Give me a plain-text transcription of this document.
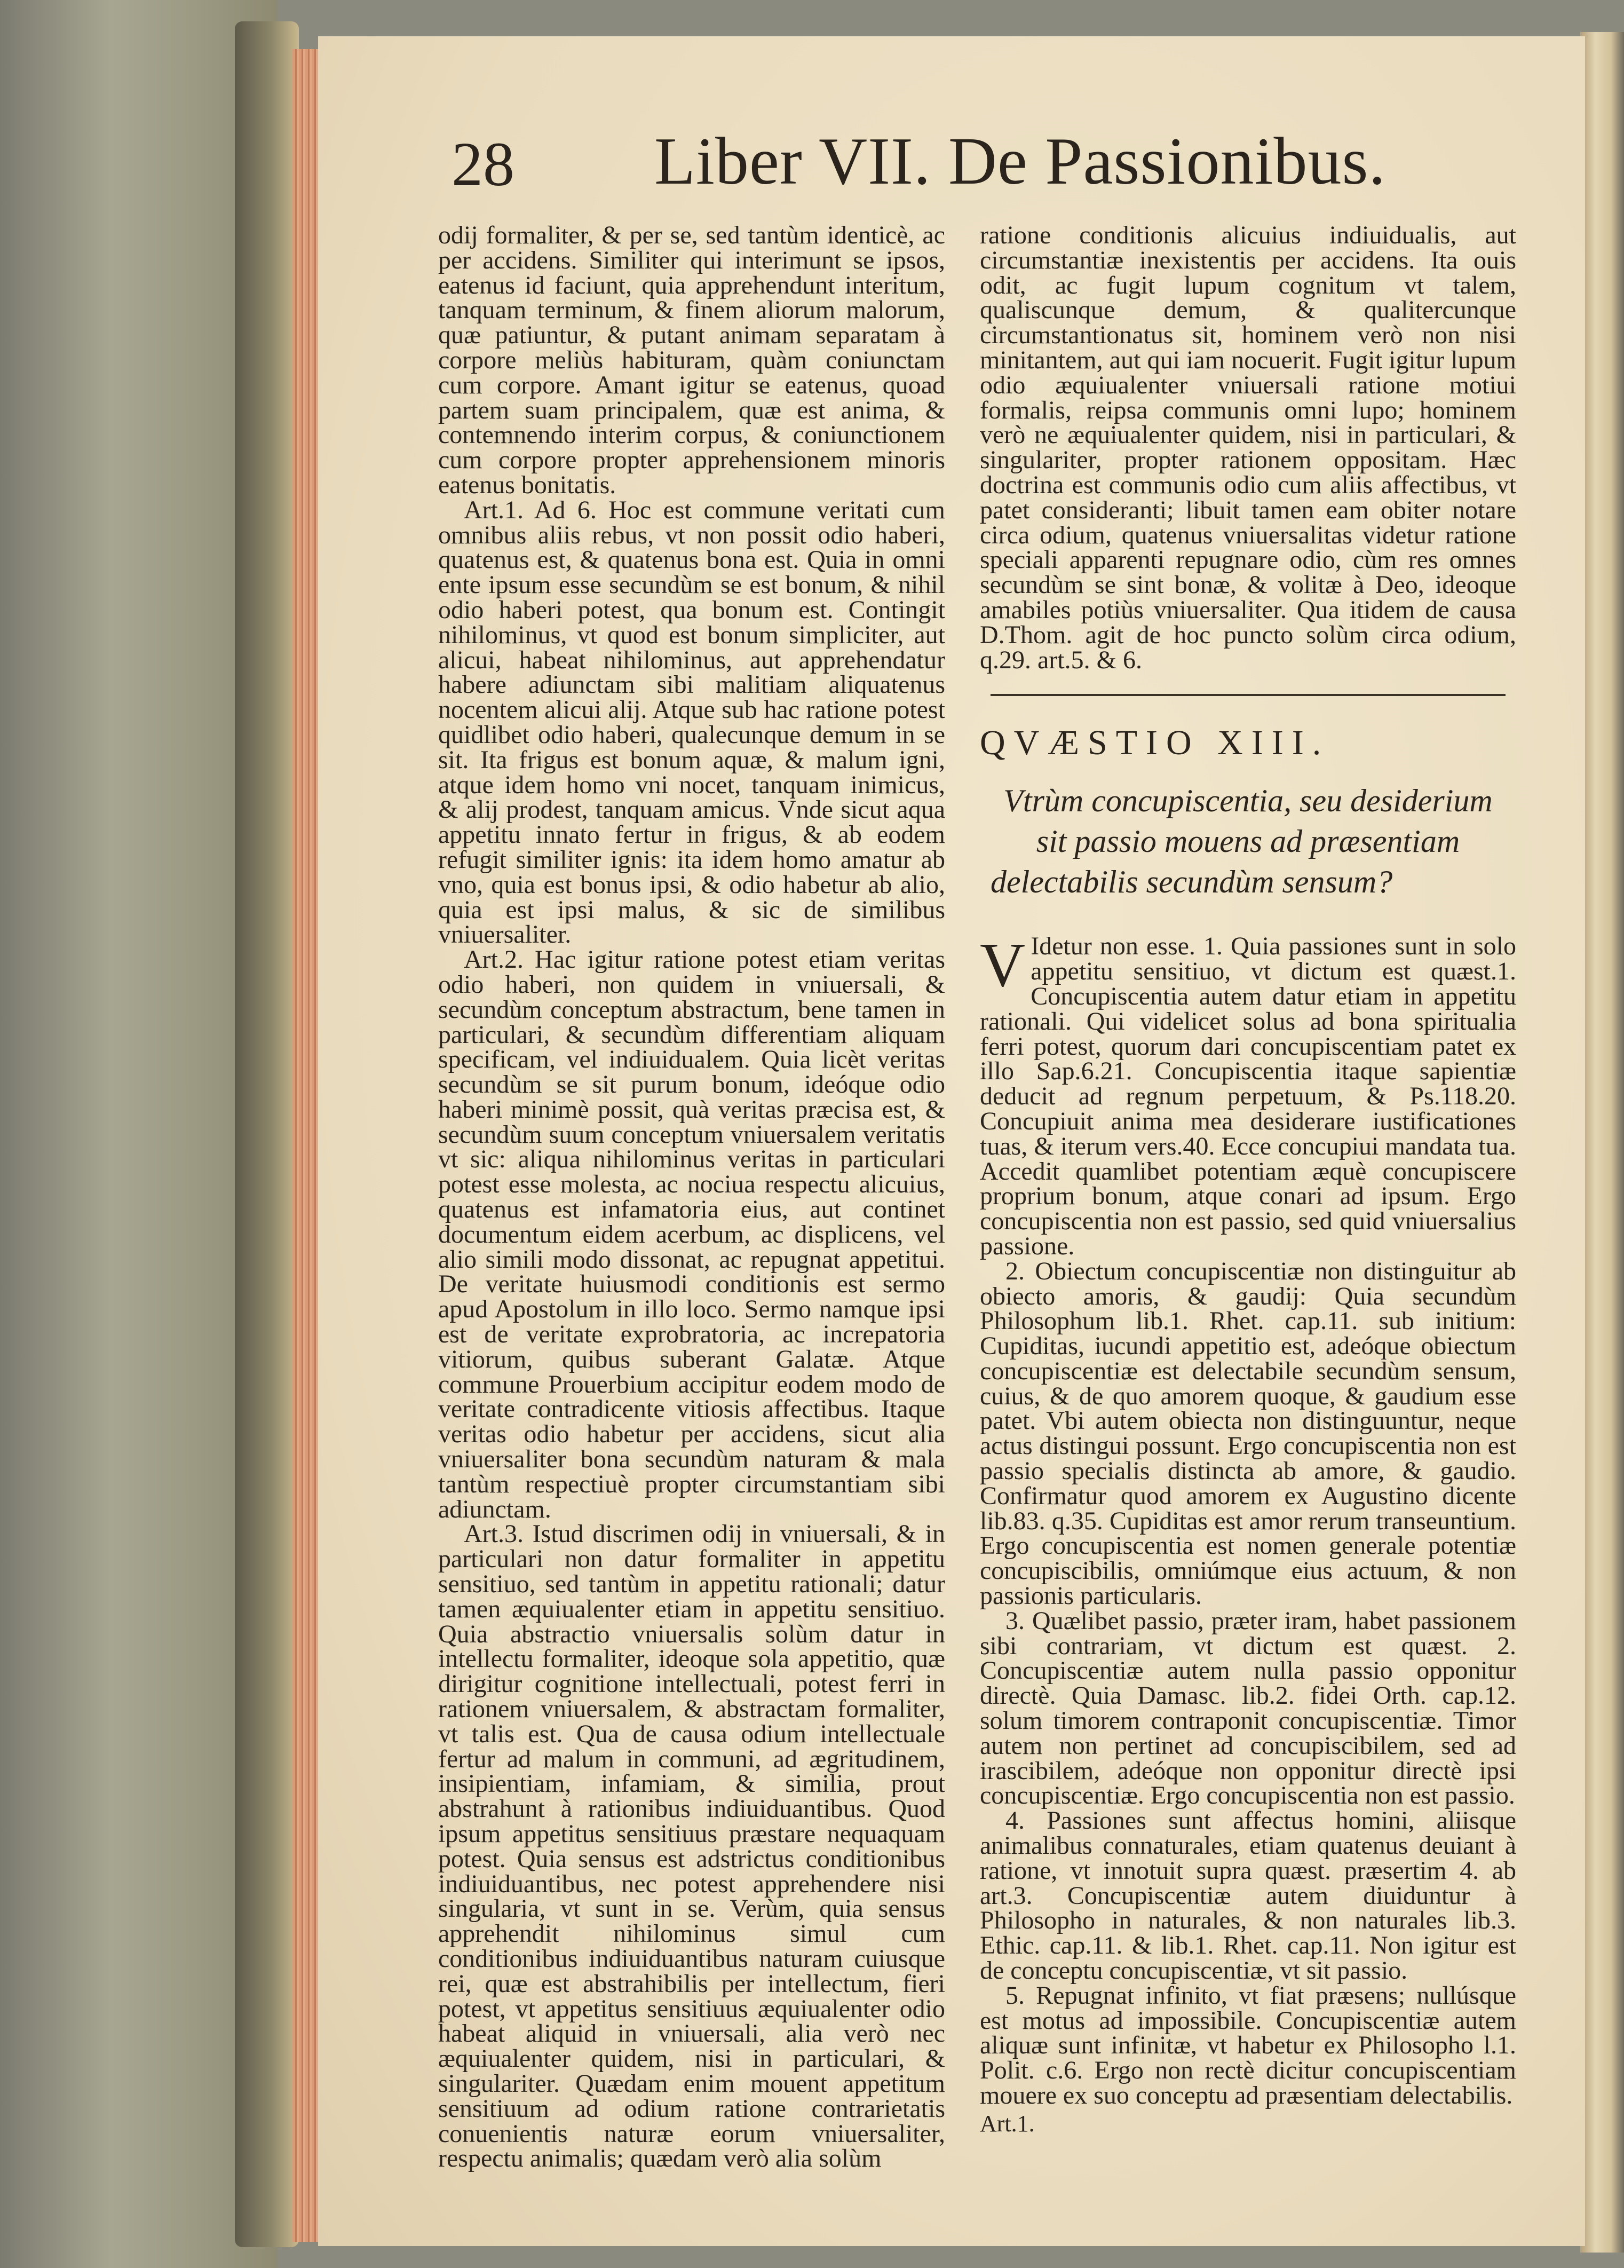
28 Liber VII. De Passionibus.

odij formaliter, & per se, sed tantùm identicè, ac per accidens. Similiter qui interimunt se ipsos, eatenus id faciunt, quia apprehendunt interitum, tanquam terminum, & finem aliorum malorum, quæ patiuntur, & putant animam separatam à corpore meliùs habituram, quàm coniunctam cum corpore. Amant igitur se eatenus, quoad partem suam principalem, quæ est anima, & contemnendo interim corpus, & coniunctionem cum corpore propter apprehensionem minoris eatenus bonitatis.

Art.1. Ad 6. Hoc est commune veritati cum omnibus aliis rebus, vt non possit odio haberi, quatenus est, & quatenus bona est. Quia in omni ente ipsum esse secundùm se est bonum, & nihil odio haberi potest, qua bonum est. Contingit nihilominus, vt quod est bonum simpliciter, aut alicui, habeat nihilominus, aut apprehendatur habere adiunctam sibi malitiam aliquatenus nocentem alicui alij. Atque sub hac ratione potest quidlibet odio haberi, qualecunque demum in se sit. Ita frigus est bonum aquæ, & malum igni, atque idem homo vni nocet, tanquam inimicus, & alij prodest, tanquam amicus. Vnde sicut aqua appetitu innato fertur in frigus, & ab eodem refugit similiter ignis: ita idem homo amatur ab vno, quia est bonus ipsi, & odio habetur ab alio, quia est ipsi malus, & sic de similibus vniuersaliter.

Art.2. Hac igitur ratione potest etiam veritas odio haberi, non quidem in vniuersali, & secundùm conceptum abstractum, bene tamen in particulari, & secundùm differentiam aliquam specificam, vel indiuidualem. Quia licèt veritas secundùm se sit purum bonum, ideóque odio haberi minimè possit, quà veritas præcisa est, & secundùm suum conceptum vniuersalem veritatis vt sic: aliqua nihilominus veritas in particulari potest esse molesta, ac nociua respectu alicuius, quatenus est infamatoria eius, aut continet documentum eidem acerbum, ac displicens, vel alio simili modo dissonat, ac repugnat appetitui. De veritate huiusmodi conditionis est sermo apud Apostolum in illo loco. Sermo namque ipsi est de veritate exprobratoria, ac increpatoria vitiorum, quibus suberant Galatæ. Atque commune Prouerbium accipitur eodem modo de veritate contradicente vitiosis affectibus. Itaque veritas odio habetur per accidens, sicut alia vniuersaliter bona secundùm naturam & mala tantùm respectiuè propter circumstantiam sibi adiunctam.

Art.3. Istud discrimen odij in vniuersali, & in particulari non datur formaliter in appetitu sensitiuo, sed tantùm in appetitu rationali; datur tamen æquiualenter etiam in appetitu sensitiuo. Quia abstractio vniuersalis solùm datur in intellectu formaliter, ideoque sola appetitio, quæ dirigitur cognitione intellectuali, potest ferri in rationem vniuersalem, & abstractam formaliter, vt talis est. Qua de causa odium intellectuale fertur ad malum in communi, ad ægritudinem, insipientiam, infamiam, & similia, prout abstrahunt à rationibus indiuiduantibus. Quod ipsum appetitus sensitiuus præstare nequaquam potest. Quia sensus est adstrictus conditionibus indiuiduantibus, nec potest apprehendere nisi singularia, vt sunt in se. Verùm, quia sensus apprehendit nihilominus simul cum conditionibus indiuiduantibus naturam cuiusque rei, quæ est abstrahibilis per intellectum, fieri potest, vt appetitus sensitiuus æquiualenter odio habeat aliquid in vniuersali, alia verò nec æquiualenter quidem, nisi in particulari, & singulariter. Quædam enim mouent appetitum sensitiuum ad odium ratione contrarietatis conuenientis naturæ eorum vniuersaliter, respectu animalis; quædam verò alia solùm

ratione conditionis alicuius indiuidualis, aut circumstantiæ inexistentis per accidens. Ita ouis odit, ac fugit lupum cognitum vt talem, qualiscunque demum, & qualitercunque circumstantionatus sit, hominem verò non nisi minitantem, aut qui iam nocuerit. Fugit igitur lupum odio æquiualenter vniuersali ratione motiui formalis, reipsa communis omni lupo; hominem verò ne æquiualenter quidem, nisi in particulari, & singulariter, propter rationem oppositam. Hæc doctrina est communis odio cum aliis affectibus, vt patet consideranti; libuit tamen eam obiter notare circa odium, quatenus vniuersalitas videtur ratione speciali apparenti repugnare odio, cùm res omnes secundùm se sint bonæ, & volitæ à Deo, ideoque amabiles potiùs vniuersaliter. Qua itidem de causa D.Thom. agit de hoc puncto solùm circa odium, q.29. art.5. & 6.

QVÆSTIO XIII.

Vtrùm concupiscentia, seu desiderium sit passio mouens ad præsentiam delectabilis secundùm sensum?

V Idetur non esse. 1. Quia passiones sunt in solo appetitu sensitiuo, vt dictum est quæst.1. Concupiscentia autem datur etiam in appetitu rationali. Qui videlicet solus ad bona spiritualia ferri potest, quorum dari concupiscentiam patet ex illo Sap.6.21. Concupiscentia itaque sapientiæ deducit ad regnum perpetuum, & Ps.118.20. Concupiuit anima mea desiderare iustificationes tuas, & iterum vers.40. Ecce concupiui mandata tua. Accedit quamlibet potentiam æquè concupiscere proprium bonum, atque conari ad ipsum. Ergo concupiscentia non est passio, sed quid vniuersalius passione.

2. Obiectum concupiscentiæ non distinguitur ab obiecto amoris, & gaudij: Quia secundùm Philosophum lib.1. Rhet. cap.11. sub initium: Cupiditas, iucundi appetitio est, adeóque obiectum concupiscentiæ est delectabile secundùm sensum, cuius, & de quo amorem quoque, & gaudium esse patet. Vbi autem obiecta non distinguuntur, neque actus distingui possunt. Ergo concupiscentia non est passio specialis distincta ab amore, & gaudio. Confirmatur quod amorem ex Augustino dicente lib.83. q.35. Cupiditas est amor rerum transeuntium. Ergo concupiscentia est nomen generale potentiæ concupiscibilis, omniúmque eius actuum, & non passionis particularis.

3. Quælibet passio, præter iram, habet passionem sibi contrariam, vt dictum est quæst. 2. Concupiscentiæ autem nulla passio opponitur directè. Quia Damasc. lib.2. fidei Orth. cap.12. solum timorem contraponit concupiscentiæ. Timor autem non pertinet ad concupiscibilem, sed ad irascibilem, adeóque non opponitur directè ipsi concupiscentiæ. Ergo concupiscentia non est passio.

4. Passiones sunt affectus homini, aliisque animalibus connaturales, etiam quatenus deuiant à ratione, vt innotuit supra quæst. præsertim 4. ab art.3. Concupiscentiæ autem diuiduntur à Philosopho in naturales, & non naturales lib.3. Ethic. cap.11. & lib.1. Rhet. cap.11. Non igitur est de conceptu concupiscentiæ, vt sit passio.

5. Repugnat infinito, vt fiat præsens; nullúsque est motus ad impossibile. Concupiscentiæ autem aliquæ sunt infinitæ, vt habetur ex Philosopho l.1. Polit. c.6. Ergo non rectè dicitur concupiscentiam mouere ex suo conceptu ad præsentiam delectabilis.

Art.1.
